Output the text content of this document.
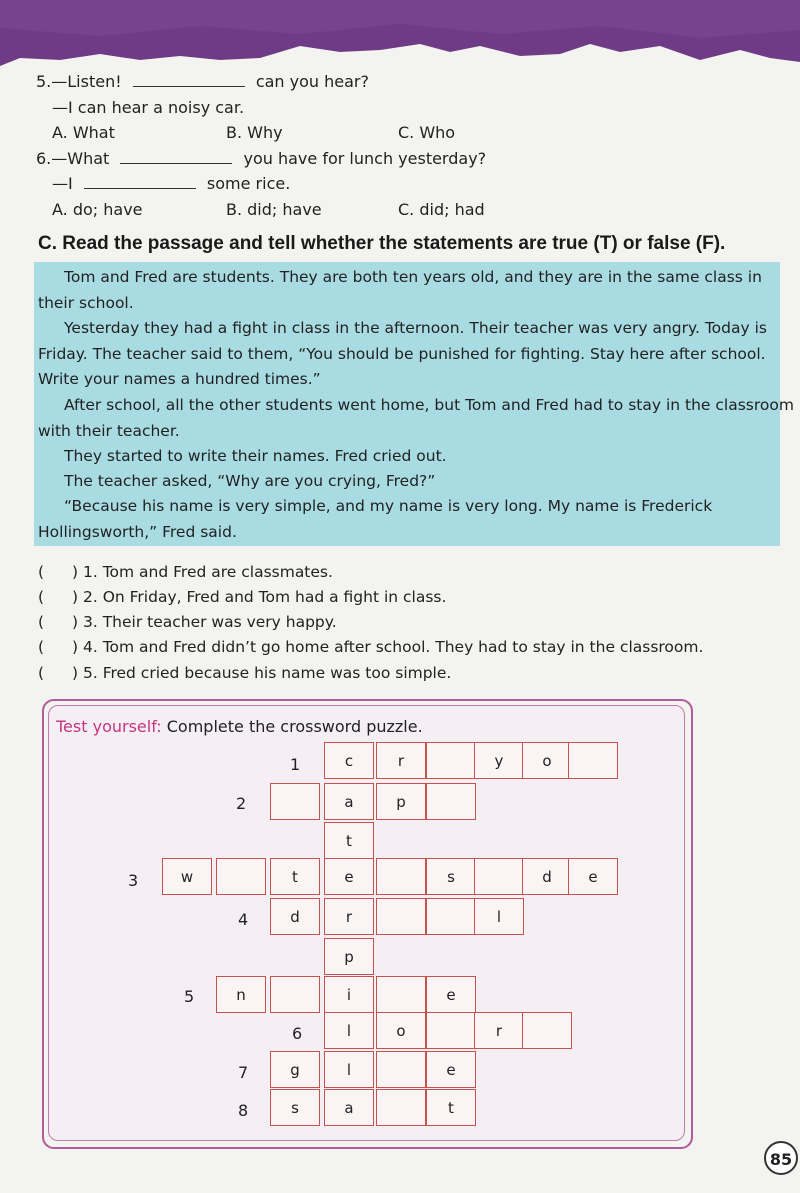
5.—Listen!	can you hear?
—I can hear a noisy car.
A. What	B. Why	C. Who
6.—What	you have for lunch yesterday?
—I	some rice.
A. do; have	B. did; have	C. did; had
C. Read the passage and tell whether the statements are true (T) or false (F).
Tom and Fred are students. They are both ten years old, and they are in the same class in
their school.
Yesterday they had a fight in class in the afternoon. Their teacher was very angry. Today is
Friday. The teacher said to them, “You should be punished for fighting. Stay here after school.
Write your names a hundred times.”
After school, all the other students went home, but Tom and Fred had to stay in the classroom
with their teacher.
They started to write their names. Fred cried out.
The teacher asked, “Why are you crying, Fred?”
“Because his name is very simple, and my name is very long. My name is Frederick
Hollingsworth,” Fred said.
( ) 1. Tom and Fred are classmates.
( ) 2. On Friday, Fred and Tom had a fight in class.
( ) 3. Their teacher was very happy.
( ) 4. Tom and Fred didn’t go home after school. They had to stay in the classroom.
( ) 5. Fred cried because his name was too simple.
Test yourself: Complete the crossword puzzle.
c	r	y	o
a	p
t
w	t	e	s	d	e
d	r	l
p
n	i	e
l	o	r
g	l	e
s	a	t
1
2
3
4
5
6
7
8
85
